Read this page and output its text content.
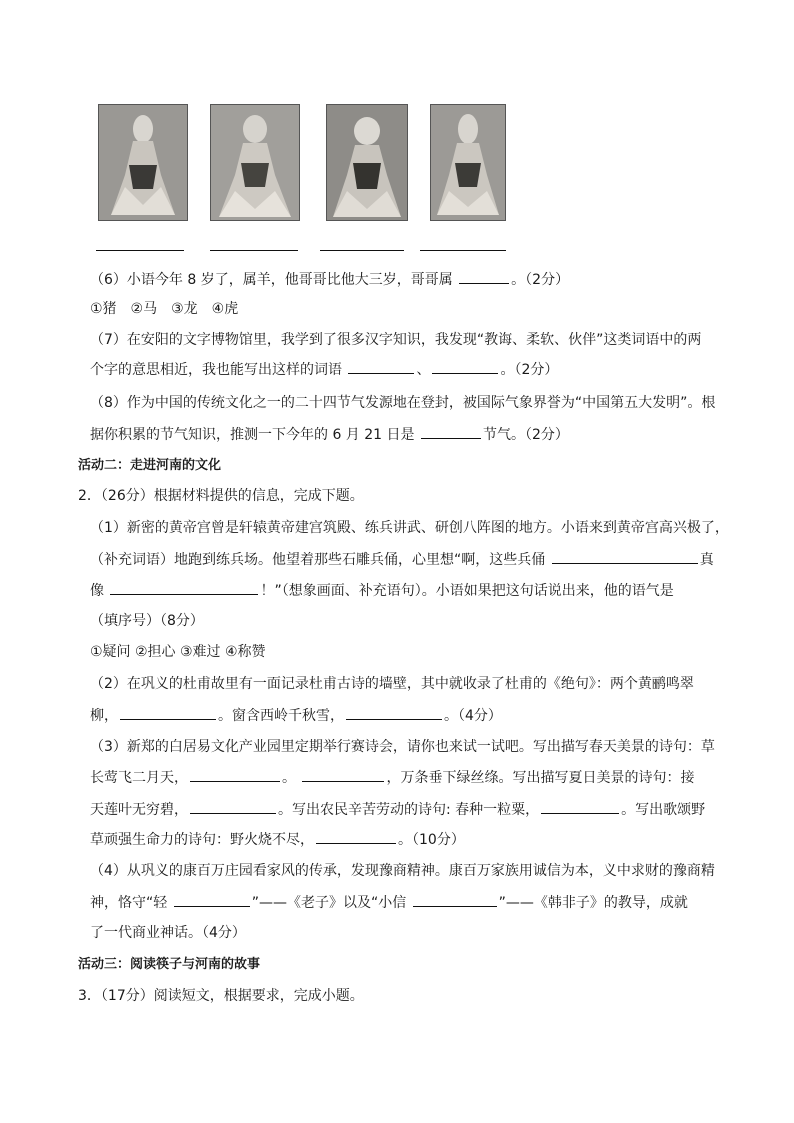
（6）小语今年 8 岁了，属羊，他哥哥比他大三岁，哥哥属	。（2分）
①猪　②马　③龙　④虎
（7）在安阳的文字博物馆里，我学到了很多汉字知识，我发现“教诲、柔软、伙伴”这类词语中的两
个字的意思相近，我也能写出这样的词语	、	。（2分）
（8）作为中国的传统文化之一的二十四节气发源地在登封，被国际气象界誉为“中国第五大发明”。根
据你积累的节气知识，推测一下今年的 6 月 21 日是	节气。（2分）
活动二：走进河南的文化
2．（26分）根据材料提供的信息，完成下题。
（1）新密的黄帝宫曾是轩辕黄帝建宫筑殿、练兵讲武、研创八阵图的地方。小语来到黄帝宫高兴极了，
（补充词语）地跑到练兵场。他望着那些石雕兵俑，心里想“啊，这些兵俑	真
像	！”（想象画面、补充语句）。小语如果把这句话说出来，他的语气是
（填序号）（8分）
①疑问 ②担心 ③难过 ④称赞
（2）在巩义的杜甫故里有一面记录杜甫古诗的墙壁，其中就收录了杜甫的《绝句》：两个黄鹂鸣翠
柳，	。窗含西岭千秋雪，	。（4分）
（3）新郑的白居易文化产业园里定期举行赛诗会，请你也来试一试吧。写出描写春天美景的诗句：草
长莺飞二月天，	。	，万条垂下绿丝绦。写出描写夏日美景的诗句：接
天莲叶无穷碧，	。写出农民辛苦劳动的诗句: 春种一粒粟，	。写出歌颂野
草顽强生命力的诗句：野火烧不尽，	。（10分）
（4）从巩义的康百万庄园看家风的传承，发现豫商精神。康百万家族用诚信为本，义中求财的豫商精
神，恪守“轻	”——《老子》以及“小信	”——《韩非子》的教导，成就
了一代商业神话。（4分）
活动三：阅读筷子与河南的故事
3．（17分）阅读短文，根据要求，完成小题。
